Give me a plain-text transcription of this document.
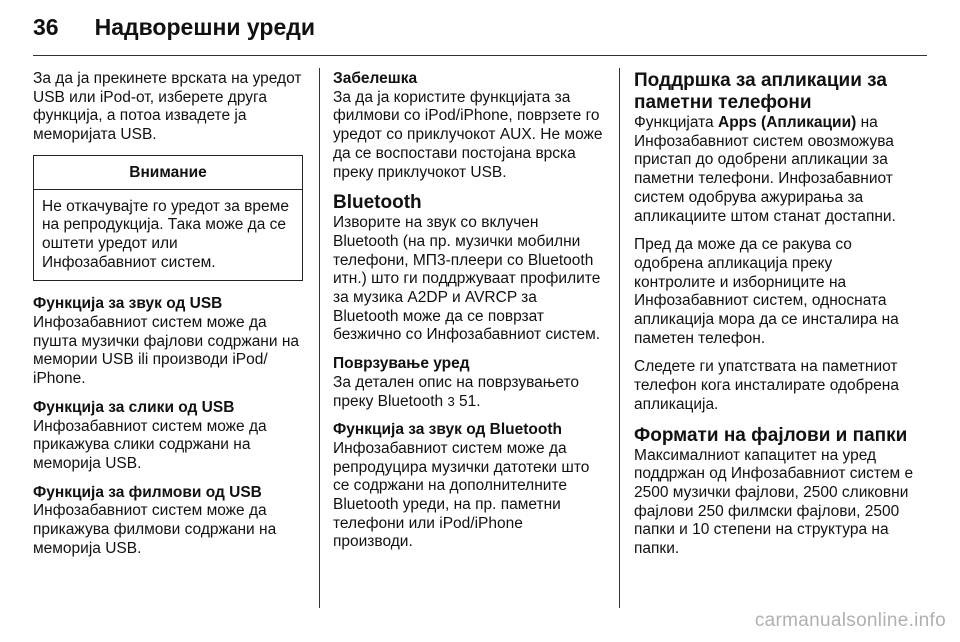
36 Надворешни уреди

За да ја прекинете врската на уредот USB или iPod-от, изберете друга функција, а потоа извадете ја меморијата USB.

Внимание
Не откачувајте го уредот за време на репродукција. Така може да се оштети уредот или Инфозабавниот систем.

Функција за звук од USB
Инфозабавниот систем може да пушта музички фајлови содржани на мемории USB ili производи iPod/ iPhone.

Функција за слики од USB
Инфозабавниот систем може да прикажува слики содржани на меморија USB.

Функција за филмови од USB
Инфозабавниот систем може да прикажува филмови содржани на меморија USB.

Забелешка
За да ја користите функцијата за филмови со iPod/iPhone, поврзете го уредот со приклучокот AUX. Не може да се воспостави постојана врска преку приклучокот USB.

Bluetooth

Изворите на звук со вклучен Bluetooth (на пр. музички мобилни телефони, МП3-плеери со Bluetooth итн.) што ги поддржуваат профилите за музика A2DP и AVRCP за Bluetooth може да се поврзат безжично со Инфозабавниот систем.

Поврзување уред
За детален опис на поврзувањето преку Bluetooth 3 51.

Функција за звук од Bluetooth
Инфозабавниот систем може да репродуцира музички датотеки што се содржани на дополнителните Bluetooth уреди, на пр. паметни телефони или iPod/iPhone производи.

Поддршка за апликации за паметни телефони

Функцијата Apps (Апликации) на Инфозабавниот систем овозможува пристап до одобрени апликации за паметни телефони. Инфозабавниот систем одобрува ажурирања за апликациите штом станат достапни.

Пред да може да се ракува со одобрена апликација преку контролите и изборниците на Инфозабавниот систем, односната апликација мора да се инсталира на паметен телефон.

Следете ги упатствата на паметниот телефон кога инсталирате одобрена апликација.

Формати на фајлови и папки

Максималниот капацитет на уред поддржан од Инфозабавниот систем е 2500 музички фајлови, 2500 сликовни фајлови 250 филмски фајлови, 2500 папки и 10 степени на структура на папки.

carmanualsonline.info
